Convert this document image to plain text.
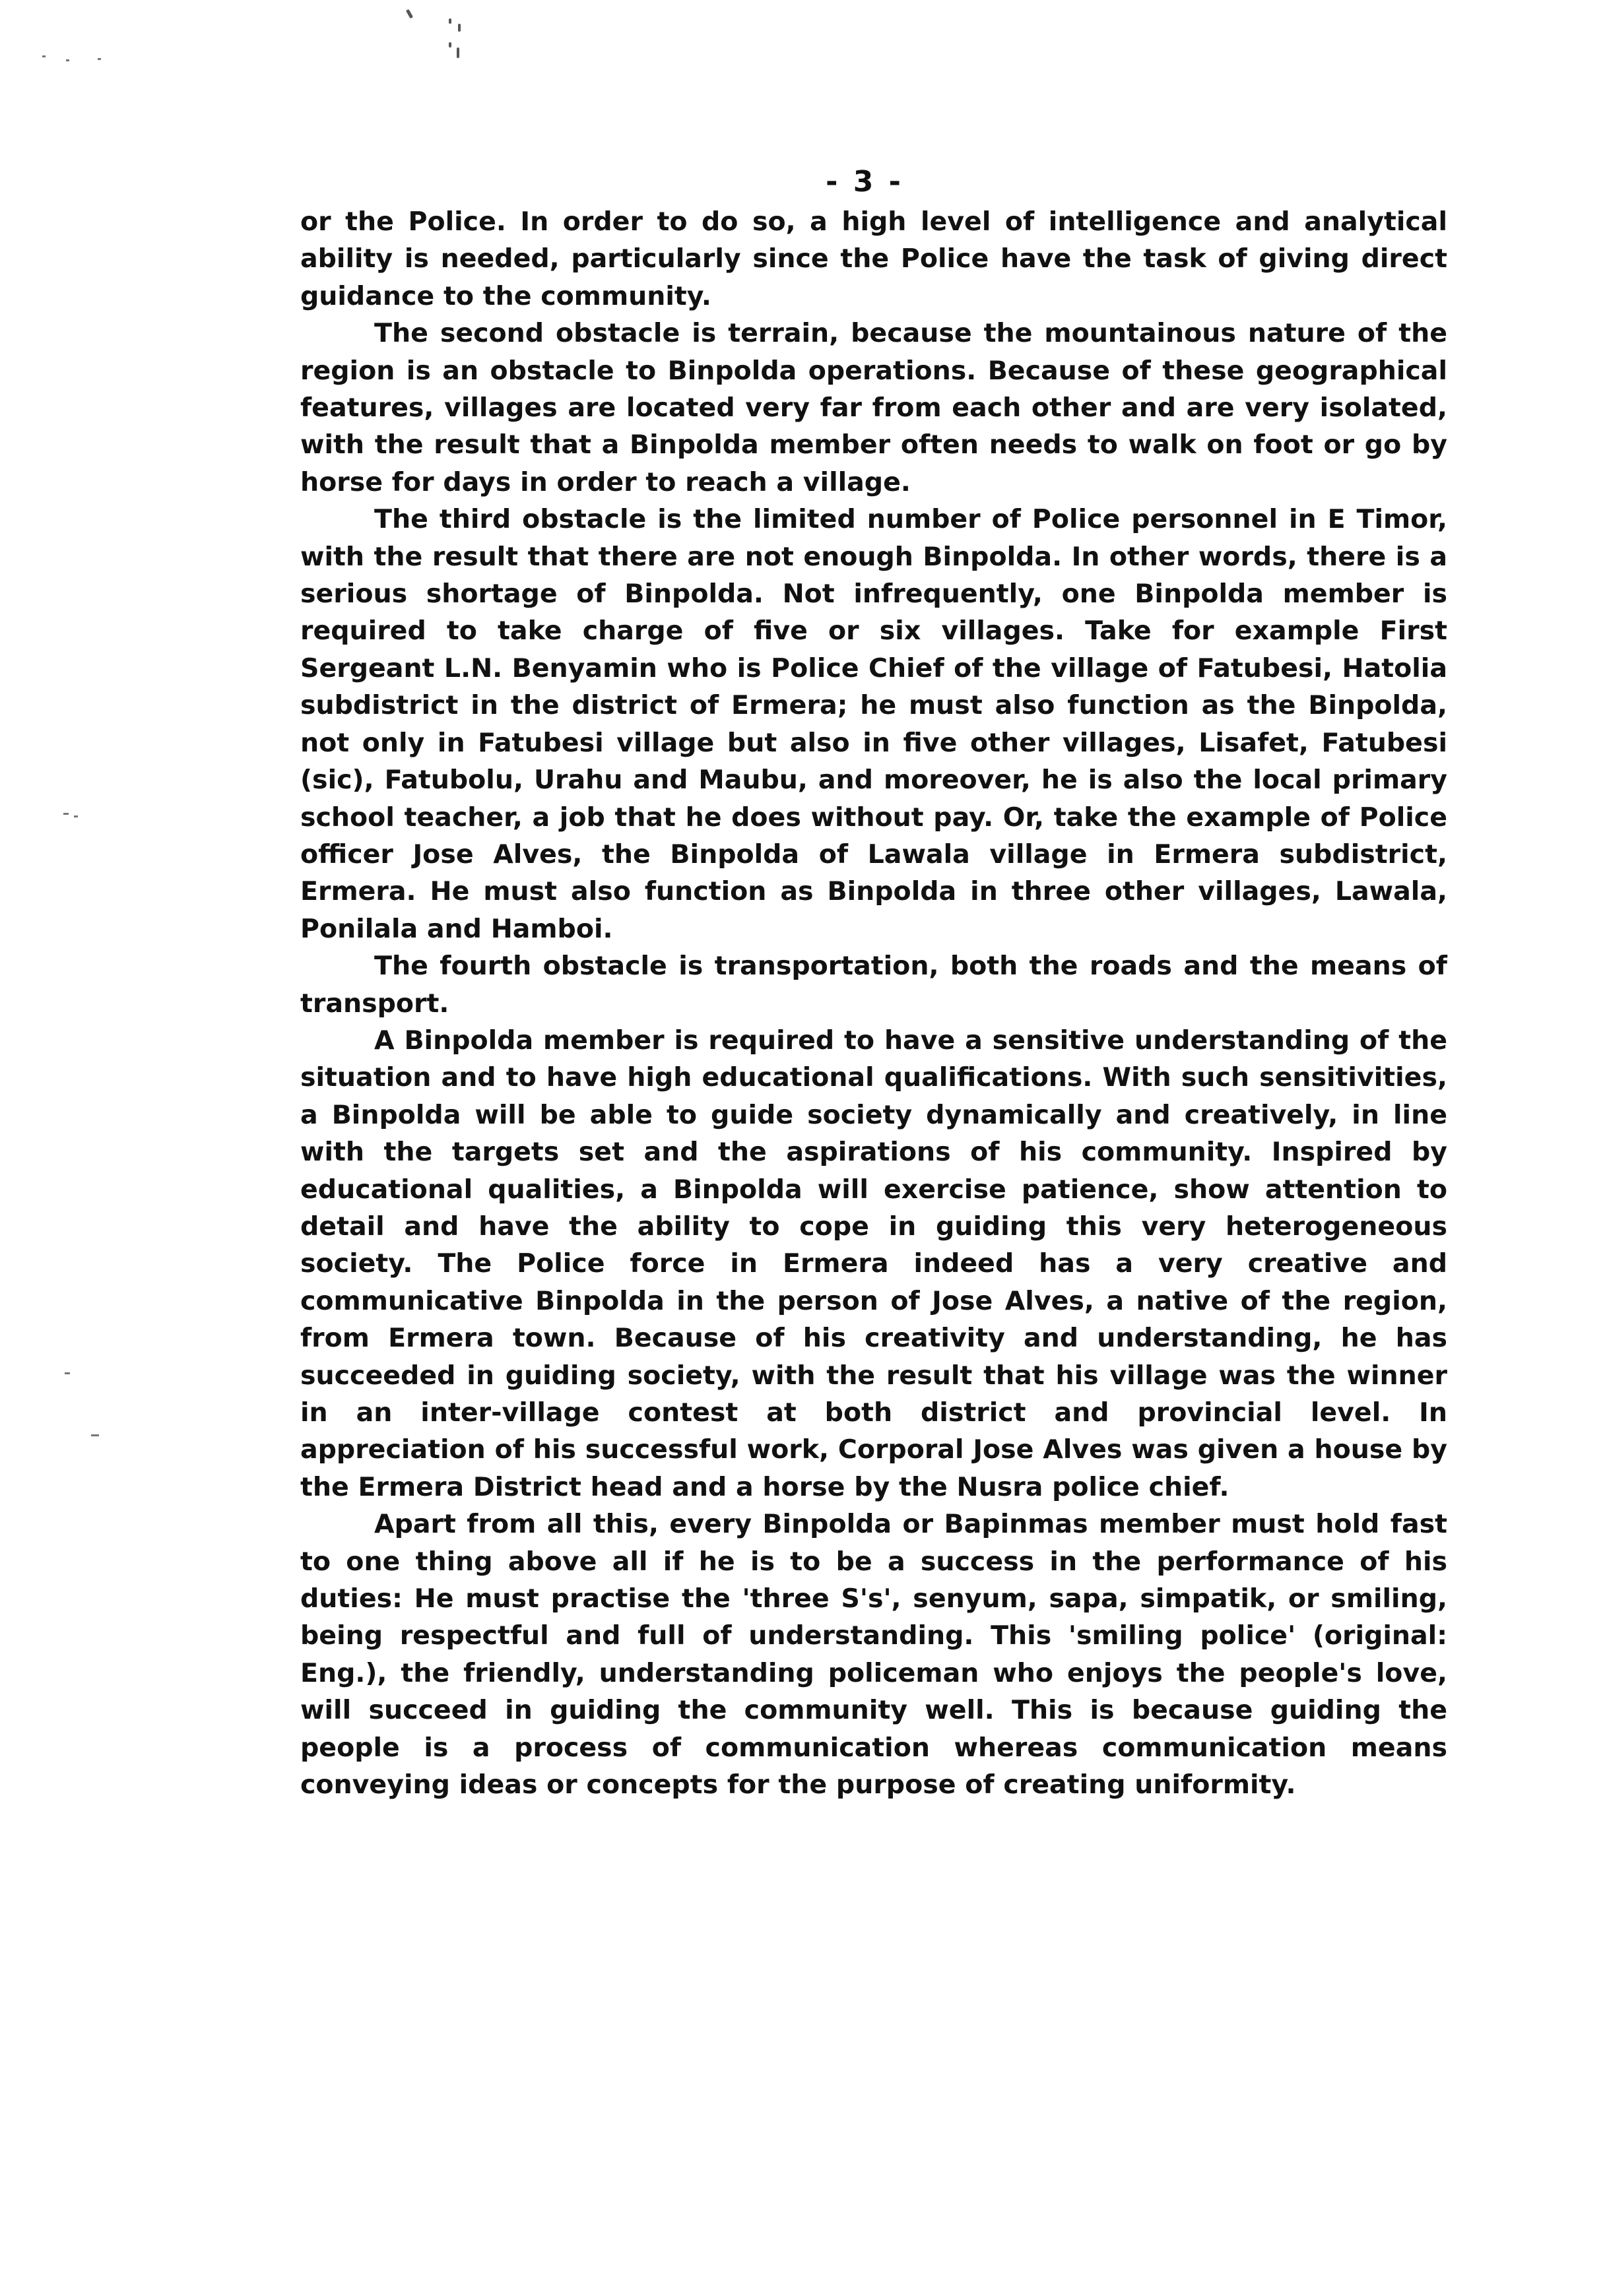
- 3 -

or the Police. In order to do so, a high level of intelligence and analytical ability is needed, particularly since the Police have the task of giving direct guidance to the community.

The second obstacle is terrain, because the mountainous nature of the region is an obstacle to Binpolda operations. Because of these geographical features, villages are located very far from each other and are very isolated, with the result that a Binpolda member often needs to walk on foot or go by horse for days in order to reach a village.

The third obstacle is the limited number of Police personnel in E Timor, with the result that there are not enough Binpolda. In other words, there is a serious shortage of Binpolda. Not infrequently, one Binpolda member is required to take charge of five or six villages. Take for example First Sergeant L.N. Benyamin who is Police Chief of the village of Fatubesi, Hatolia subdistrict in the district of Ermera; he must also function as the Binpolda, not only in Fatubesi village but also in five other villages, Lisafet, Fatubesi (sic), Fatubolu, Urahu and Maubu, and moreover, he is also the local primary school teacher, a job that he does without pay. Or, take the example of Police officer Jose Alves, the Binpolda of Lawala village in Ermera subdistrict, Ermera. He must also function as Binpolda in three other villages, Lawala, Ponilala and Hamboi.

The fourth obstacle is transportation, both the roads and the means of transport.

A Binpolda member is required to have a sensitive understanding of the situation and to have high educational qualifications. With such sensitivities, a Binpolda will be able to guide society dynamically and creatively, in line with the targets set and the aspirations of his community. Inspired by educational qualities, a Binpolda will exercise patience, show attention to detail and have the ability to cope in guiding this very heterogeneous society. The Police force in Ermera indeed has a very creative and communicative Binpolda in the person of Jose Alves, a native of the region, from Ermera town. Because of his creativity and understanding, he has succeeded in guiding society, with the result that his village was the winner in an inter-village contest at both district and provincial level. In appreciation of his successful work, Corporal Jose Alves was given a house by the Ermera District head and a horse by the Nusra police chief.

Apart from all this, every Binpolda or Bapinmas member must hold fast to one thing above all if he is to be a success in the performance of his duties: He must practise the 'three S's', senyum, sapa, simpatik, or smiling, being respectful and full of understanding. This 'smiling police' (original: Eng.), the friendly, understanding policeman who enjoys the people's love, will succeed in guiding the community well. This is because guiding the people is a process of communication whereas communication means conveying ideas or concepts for the purpose of creating uniformity.
